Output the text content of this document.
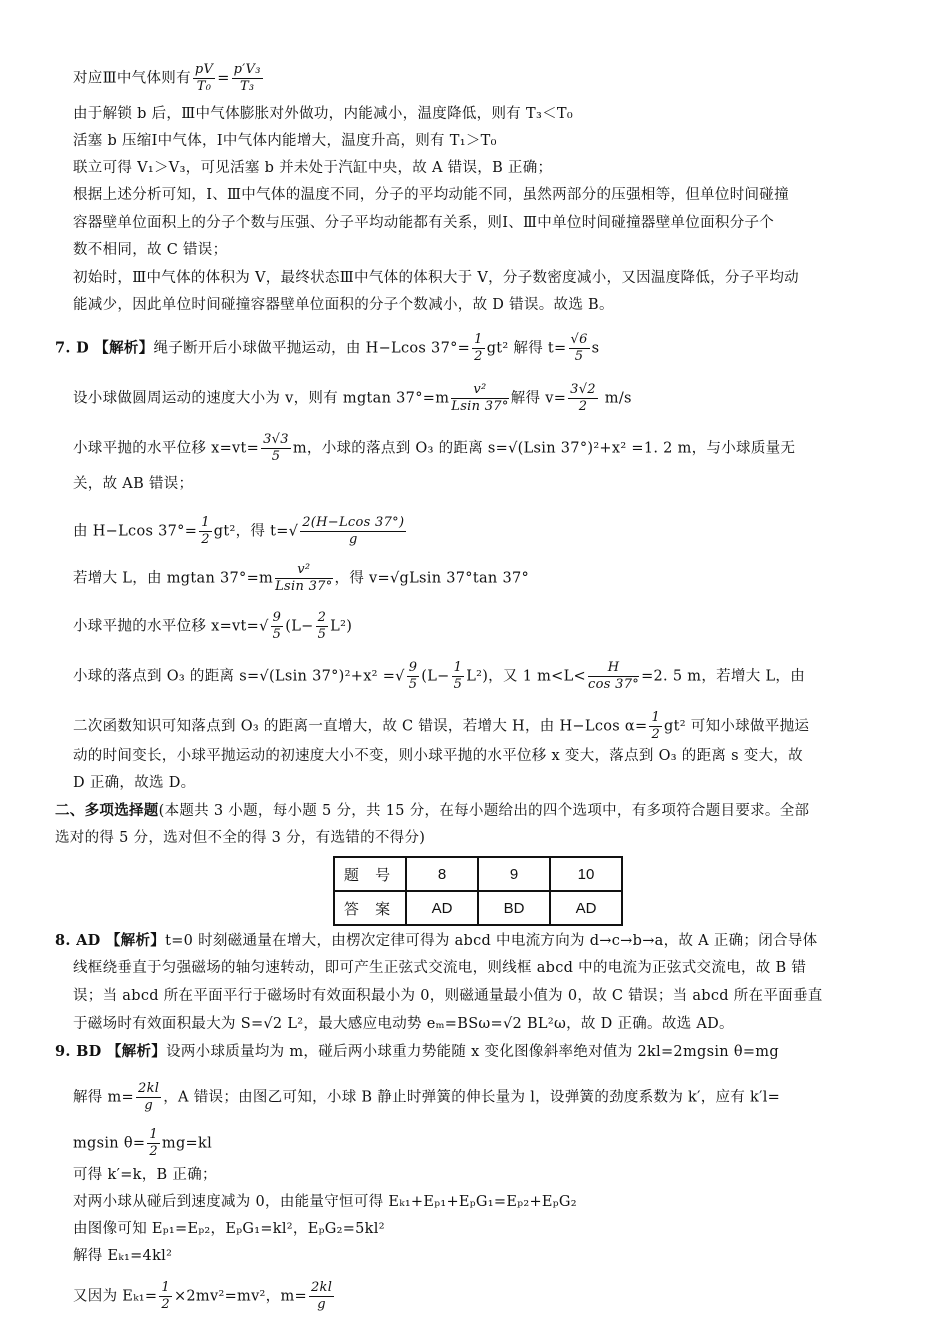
对应Ⅲ中气体则有 $\frac{pV}{\text{T₀}} = \frac{\text{p′V₃}}{\text{T₃}}$
由于解锁 b 后，Ⅲ中气体膨胀对外做功，内能减小，温度降低，则有 T₃＜T₀
活塞 b 压缩Ⅰ中气体，Ⅰ中气体内能增大，温度升高，则有 T₁＞T₀
联立可得 V₁＞V₃，可见活塞 b 并未处于汽缸中央，故 A 错误，B 正确；
根据上述分析可知，Ⅰ、Ⅲ中气体的温度不同，分子的平均动能不同，虽然两部分的压强相等，但单位时间碰撞
容器壁单位面积上的分子个数与压强、分子平均动能都有关系，则Ⅰ、Ⅲ中单位时间碰撞器壁单位面积分子个
数不相同，故 C 错误；
初始时，Ⅲ中气体的体积为 V，最终状态Ⅲ中气体的体积大于 V，分子数密度减小，又因温度降低，分子平均动
能减少，因此单位时间碰撞容器壁单位面积的分子个数减小，故 D 错误。故选 B。
7. D 【解析】绳子断开后小球做平抛运动，由 H−Lcos $37^\circ= \frac{1}{2} gt^2$ 解得 $t= \frac{√6}{5}$ s
设小球做圆周运动的速度大小为 v，则有 mgtan $37^\circ=m \frac{\text{v²}}{Lsin 37^\circ}$ 解得 $v= \frac{3√2}{2} m/s$
小球平抛的水平位移 $x=vt= \frac{3√3}{5}$ m，小球的落点到 O₃ 的距离 s=√(Lsin 37°)²+x² =1. 2 m，与小球质量无
关，故 AB 错误；
由 H−Lcos $37^\circ= \frac{1}{2} gt^2$，得 $t=√ \frac{2(H-Lcos 37^\circ)}{g}$
若增大 L，由 mgtan $37^\circ=m \frac{\text{v²}}{Lsin 37^\circ}$ ，得 v=√gLsin 37°tan 37°
小球平抛的水平位移 $x=vt=√ \frac{9}{5} (L- \frac{2}{5} L^2)$
小球的落点到 O₃ 的距离 s=√(Lsin 37°)²+x² =√ $\frac{9}{5} (L- \frac{1}{5} L^2)$，又 1 $m<L< \frac{H}{\cos 37^\circ} =2$. 5 m，若增大 L，由
二次函数知识可知落点到 O₃ 的距离一直增大，故 C 错误，若增大 H，由 H−Lcos $\alpha= \frac{1}{2} gt^2$ 可知小球做平抛运
动的时间变长，小球平抛运动的初速度大小不变，则小球平抛的水平位移 x 变大，落点到 O₃ 的距离 s 变大，故
D 正确，故选 D。
二、多项选择题(本题共 3 小题，每小题 5 分，共 15 分，在每小题给出的四个选项中，有多项符合题目要求。全部
选对的得 5 分，选对但不全的得 3 分，有选错的不得分)
题 号	8	9	10
答 案	AD	BD	AD
8. AD 【解析】t=0 时刻磁通量在增大，由楞次定律可得为 abcd 中电流方向为 d→c→b→a，故 A 正确；闭合导体
线框绕垂直于匀强磁场的轴匀速转动，即可产生正弦式交流电，则线框 abcd 中的电流为正弦式交流电，故 B 错
误；当 abcd 所在平面平行于磁场时有效面积最小为 0，则磁通量最小值为 0，故 C 错误；当 abcd 所在平面垂直
于磁场时有效面积最大为 S=√2 L²，最大感应电动势 eₘ=BSω=√2 BL²ω，故 D 正确。故选 AD。
9. BD 【解析】设两小球质量均为 m，碰后两小球重力势能随 x 变化图像斜率绝对值为 2kl=2mgsin θ=mg
解得 $m= \frac{2kl}{g}$ ，A 错误；由图乙可知，小球 B 静止时弹簧的伸长量为 l，设弹簧的劲度系数为 k′，应有 k′l=
mgsin $\theta= \frac{1}{2} mg=kl$
可得 k′=k，B 正确；
对两小球从碰后到速度减为 0，由能量守恒可得 Eₖ₁+Eₚ₁+EₚG₁=Eₚ₂+EₚG₂
由图像可知 Eₚ₁=Eₚ₂，EₚG₁=kl²，EₚG₂=5kl²
解得 Eₖ₁=4kl²
又因为 $E_{k1}= \frac{1}{2} \times 2mv^2=mv^2$，$m= \frac{2kl}{g}$
